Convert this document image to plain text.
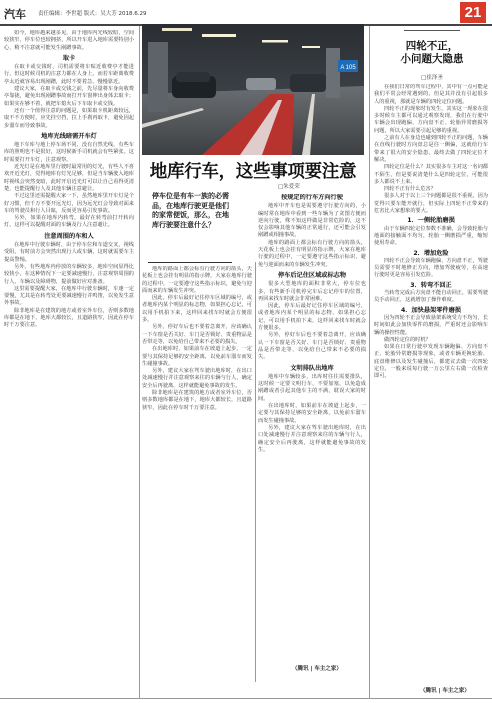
汽车 责任编辑：李世超 版式：吴大芳 2018.6.29	21

如今，地库越来越多见，由于地库内光线较暗，空间较狭窄，停车位也较拥挤，所以开车进入地库需要特别小心，稍不注意就可能发生剐蹭事故。

取卡

在取卡或交钱时，司机需要将车贴近收费亭才能进行，但这时候司机的注意力都在人身上，而若车距离收费亭太近就容易出现剐蹭，此时不要着急，慢慢靠近。

建议大家，在取卡或交钱之前，先尽量将车身向收费亭靠拢，避免出现剐蹭事故而打开车窗伸出身体去取卡；如果实在够不着，就把车熄火后下车取卡或交钱。

还有一个值得注意的问题是，如果取卡机距离较远，取不不方便时，应先挂空挡，拉上手刹再取卡，避免因起步溜车而导致事故。

地库光线暗需开车灯

地下车库与地上停车场不同，没有自然光线，有些车库的照明也不是很好，这时候新手司机就会有些紧张。这时需要打开车灯，注意观察。

近光灯是在地库里行驶时最常用的灯光，有些人不喜欢开近光灯，觉得地库有灯光足够，但是当车辆驶入地库时视线会突然变暗，此时开启近光灯可以让自己看得更清楚，也能提醒行人及其他车辆注意避让。

不过这里还需提醒大家一下，虽然地库里开车灯是个好习惯，但千万不要开远光灯，因为远光灯会导致对面来车的驾驶员和行人目眩，反而更容易引发事故。

另外，如果在地库内转弯，最好在转弯前打开转向灯，这样可以提醒对面的车辆及行人注意避让。

注意周围的车和人

在地库中行驶车辆时，由于停车位和车道交叉，视线受阻，有时前方会突然出现行人或车辆，这时就需要车主提高警惕。

另外，有些地库内停放的车辆较多，地库空间显得比较狭小，在这种情况下一定要减速慢行，注意观察周围的行人、车辆以及障碍物，提前做好应对准备。

这里需要提醒大家，在地库中行驶车辆时，车速一定要慢，尤其是在转弯处更要减速慢行并鸣笛，以免发生意外事故。

除非地库是在建筑的地方或者室外车位，否则多数地库都是在地下，地库大都较长，且道路狭窄，因此在停车时千万要注意。

A 105
地库行车，这些事项要注意
□朱爱荣
停车位是有车一族的必需品，在地库行驶更是他们的家常便饭，那么，在地库行驶要注意什么？
按规定的行车方向行驶

地库中开车也是需要遵守行驶方向的，小编时常在地库中看到一些车辆为了贪图方便而逆向行驶，殊不知这样做是非常危险的，这不仅会影响其他车辆的正常通行，还可能会引发剐蹭或相撞事故。

地库的路面上都会标有行驶方向的箭头，天花板上也会挂有明显的指示牌，大家在地库行驶的过程中，一定要遵守这些指示标识，避免与迎面而来的车辆发生冲突。

停车后记住区域或标志物

很多大型地库的面积非常大，停车位也多，有些新手司机停完车后忘记停车的位置，再回来找车时就会非常困难。

因此，停车后最好记住停车区域的编号，或者地库内某个明显的标志物，如果担心忘记，可以用手机拍下来，这样回来找车时就会方便很多。

另外，停好车后也不要着急离开，应该确认一下车窗是否关好、车门是否锁好、贵重物品是否带走等，以免给自己带来不必要的损失。

文明排队出地库

地库中车辆较多，出库时往往需要排队，这时候一定要文明行车，不要加塞，以免造成剐蹭或者引起其他车主的不满，耽误大家的时间。

在出地库时，如果前车在坡道上起步，一定要与其保持足够的安全距离，以免前车溜车而发生碰撞事故。

另外，建议大家在驾车驶出地库时，在出口处减速慢行并注意观察来往的车辆与行人，确定安全后再驶离，这样就能避免事故的发生。

（腾讯 | 车主之家）

地库的路面上都会标有行驶方向的箭头，天花板上也会挂有明显的指示牌，大家在地库行驶的过程中，一定要遵守这些指示标识，避免与迎面而来的车辆发生冲突。

因此，停车后最好记住停车区域的编号，或者地库内某个明显的标志物，如果担心忘记，可以用手机拍下来，这样回来找车时就会方便很多。

另外，停好车后也不要着急离开，应该确认一下车窗是否关好、车门是否锁好、贵重物品是否带走等，以免给自己带来不必要的损失。

在出地库时，如果前车在坡道上起步，一定要与其保持足够的安全距离，以免前车溜车而发生碰撞事故。

另外，建议大家在驾车驶出地库时，在出口处减速慢行并注意观察来往的车辆与行人，确定安全后再驶离，这样就能避免事故的发生。

除非地库是在建筑的地方或者室外车位，否则多数地库都是在地下，地库大都较长，且道路狭窄，因此在停车时千万要注意。

四轮不正，
小问题大隐患
□崔泽圣

在我们日常的驾车过程中，其中有一点可能是我们平常会经常遇到的，但是其并没有引起很多人的重视，那就是车辆的四轮定位问题。

四轮不正的现象时有发生，其实这一现象在很多时候车主都可以通过观察发现，我们在行驶中车辆会出现跑偏、方向盘不正、轮胎异常磨损等问题，所以大家需要引起足够的重视。

之前有人在身边也碰到四轮不正的问题，车辆在直线行驶时方向盘总是往一侧偏，这就给行车带来了很大的安全隐患，最终去做了四轮定位才解决。

四轮定位是什么？其实很多车主对这一名词都不陌生，但是要说清楚什么是四轮定位，可能很多人都说不上来。

四轮不正有什么危害？

很多人对于以上三个问题都是很不重视，因为觉得只要车能开就行，但实际上四轮不正带来的危害比大家想象的要大。

1．一侧轮胎磨损

由于车辆四轮定位参数不准确，会导致轮胎与地面的接触面不均匀，轮胎一侧磨损严重，缩短使用寿命。

2．增加危险

四轮不正会导致车辆跑偏、方向盘不正，驾驶员需要不时地修正方向，增加驾驶疲劳，在高速行驶时更是容易引发危险。

3．转弯不回正

当转弯完成后方向盘不能自动回正，需要驾驶员手动回正，这就增加了操作难度。

4．加快悬架零件磨损

因为四轮不正会导致悬架系统受力不均匀，长时间如此会加快零件的磨损，严重时还会影响车辆的操控性能。

做四轮定位的时机？

如果在日常行驶中发现车辆跑偏、方向盘不正、轮胎异常磨损等现象，或者车辆更换轮胎、底盘维修以及发生碰撞后，都建议去做一次四轮定位，一般来说每行驶一万公里左右做一次检查即可。

（腾讯 | 车主之家）
